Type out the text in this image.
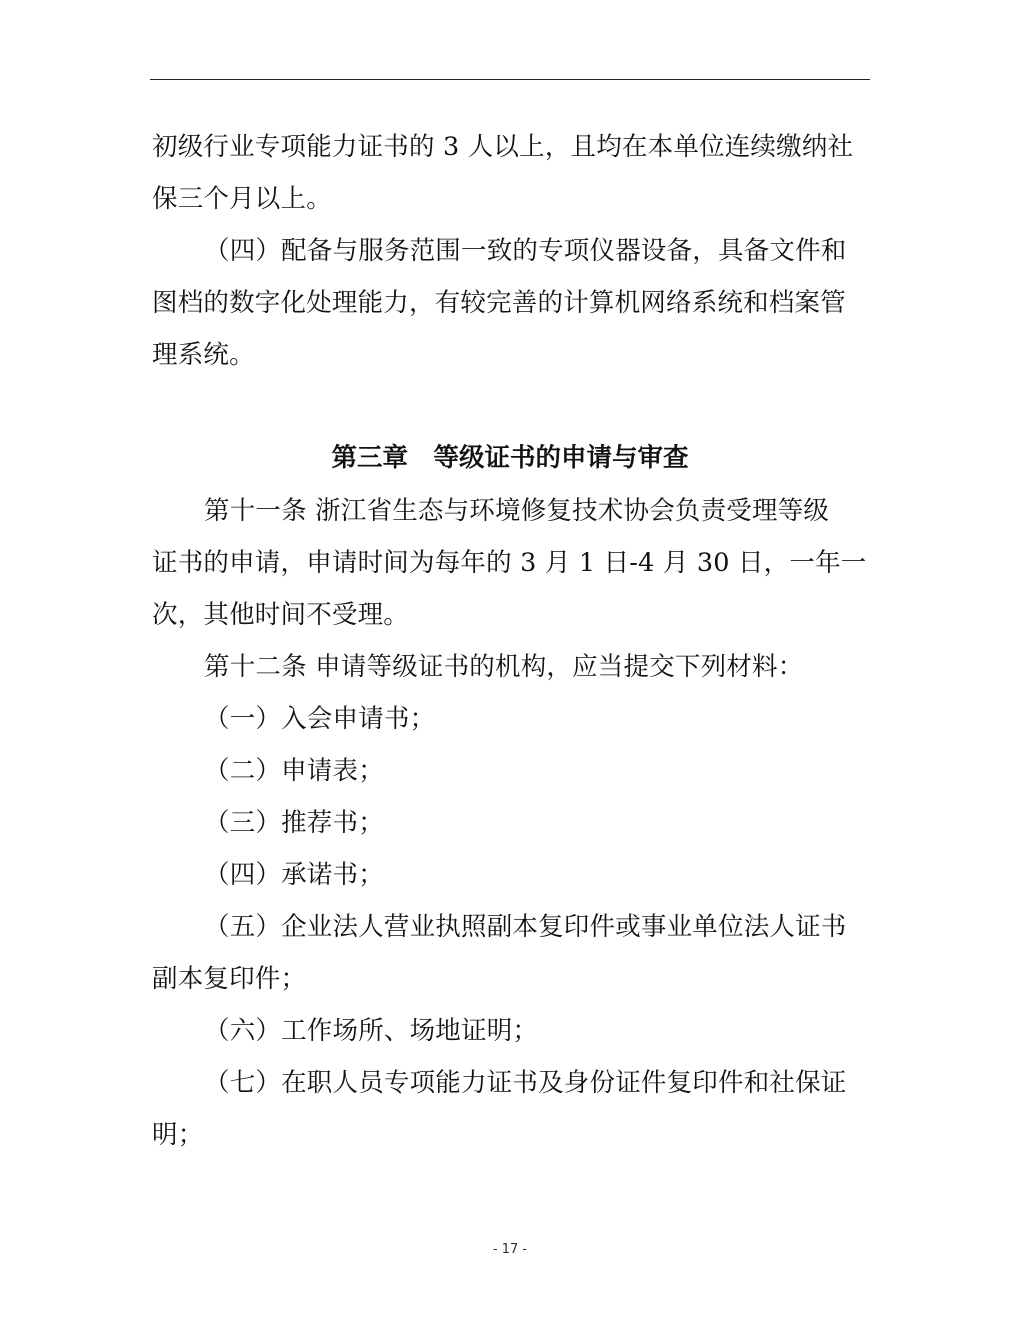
初级行业专项能力证书的 3 人以上，且均在本单位连续缴纳社
保三个月以上。
（四）配备与服务范围一致的专项仪器设备，具备文件和
图档的数字化处理能力，有较完善的计算机网络系统和档案管
理系统。
第三章　等级证书的申请与审查
第十一条 浙江省生态与环境修复技术协会负责受理等级
证书的申请，申请时间为每年的 3 月 1 日-4 月 30 日，一年一
次，其他时间不受理。
第十二条 申请等级证书的机构，应当提交下列材料：
（一）入会申请书；
（二）申请表；
（三）推荐书；
（四）承诺书；
（五）企业法人营业执照副本复印件或事业单位法人证书
副本复印件；
（六）工作场所、场地证明；
（七）在职人员专项能力证书及身份证件复印件和社保证
明；
- 17 -
